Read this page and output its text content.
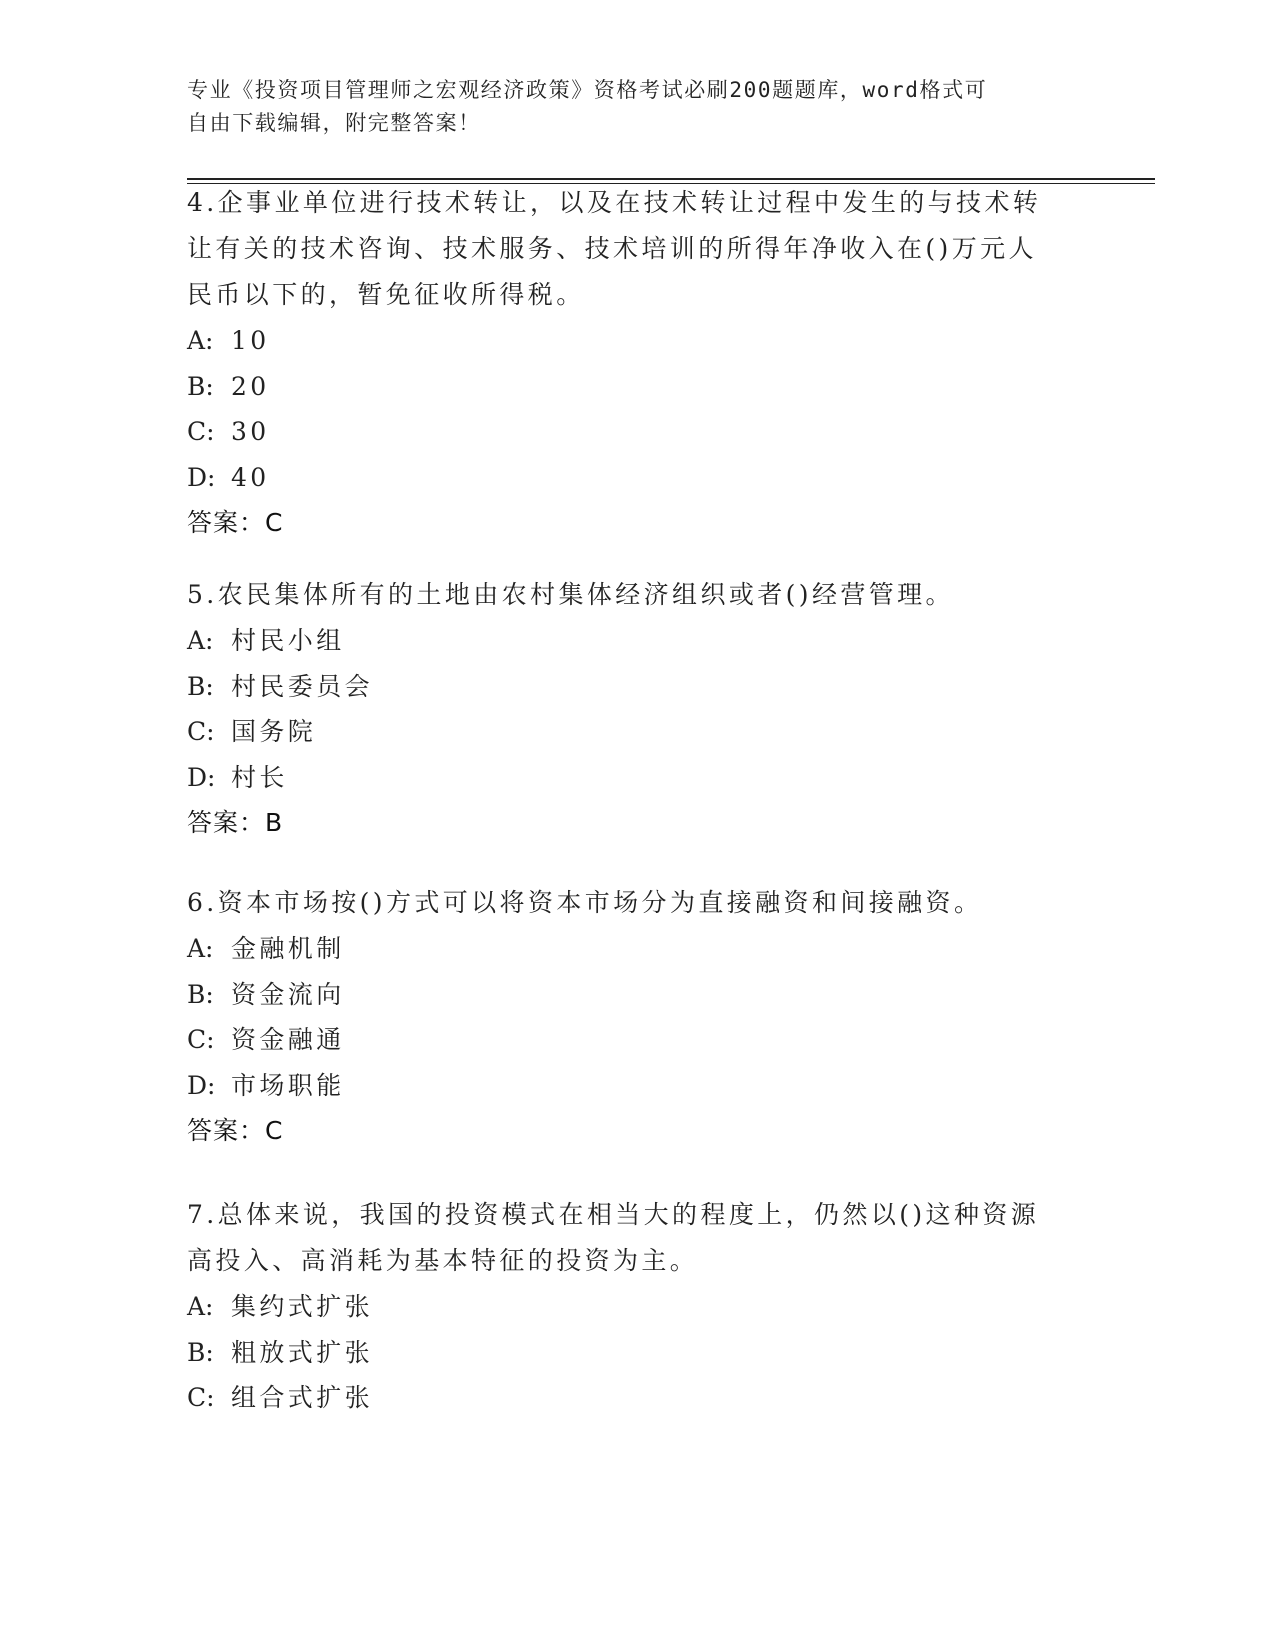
专业《投资项目管理师之宏观经济政策》资格考试必刷200题题库，word格式可
自由下载编辑，附完整答案！

4.企事业单位进行技术转让，以及在技术转让过程中发生的与技术转

让有关的技术咨询、技术服务、技术培训的所得年净收入在()万元人

民币以下的，暂免征收所得税。

A: 10

B: 20

C: 30

D: 40

答案：C

5.农民集体所有的土地由农村集体经济组织或者()经营管理。

A: 村民小组

B: 村民委员会

C: 国务院

D: 村长

答案：B

6.资本市场按()方式可以将资本市场分为直接融资和间接融资。

A: 金融机制

B: 资金流向

C: 资金融通

D: 市场职能

答案：C

7.总体来说，我国的投资模式在相当大的程度上，仍然以()这种资源

高投入、高消耗为基本特征的投资为主。

A: 集约式扩张

B: 粗放式扩张

C: 组合式扩张
